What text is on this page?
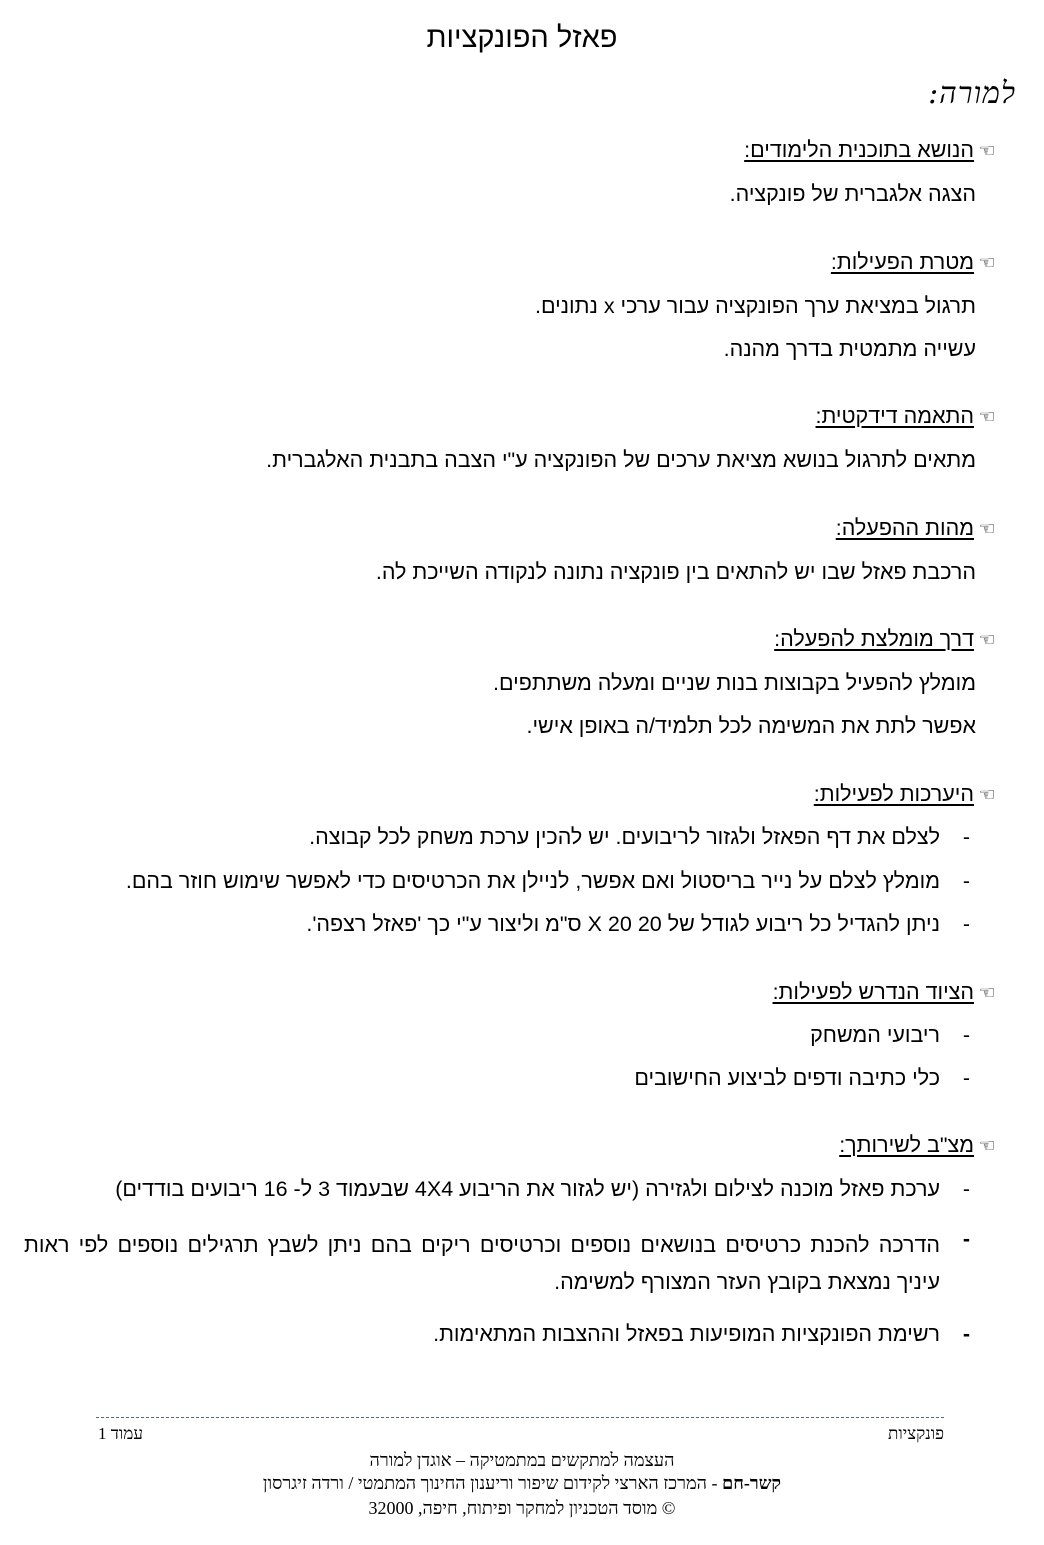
פאזל הפונקציות
למורה:
☜הנושא בתוכנית הלימודים:
הצגה אלגברית של פונקציה.
☜מטרת הפעילות:
תרגול במציאת ערך הפונקציה עבור ערכי x נתונים.
עשייה מתמטית בדרך מהנה.
☜התאמה דידקטית:
מתאים לתרגול בנושא מציאת ערכים של הפונקציה ע"י הצבה בתבנית האלגברית.
☜מהות ההפעלה:
הרכבת פאזל שבו יש להתאים בין פונקציה נתונה לנקודה השייכת לה.
☜דרך מומלצת להפעלה:
מומלץ להפעיל בקבוצות בנות שניים ומעלה משתתפים.
אפשר לתת את המשימה לכל תלמיד/ה באופן אישי.
☜היערכות לפעילות:
-
לצלם את דף הפאזל ולגזור לריבועים. יש להכין ערכת משחק לכל קבוצה.
-
מומלץ לצלם על נייר בריסטול ואם אפשר, לניילן את הכרטיסים כדי לאפשר שימוש חוזר בהם.
-
ניתן להגדיל כל ריבוע לגודל של 20 X 20 ס"מ וליצור ע"י כך 'פאזל רצפה'.
☜הציוד הנדרש לפעילות:
-
ריבועי המשחק
-
כלי כתיבה ודפים לביצוע החישובים
☜מצ"ב לשירותך:
-
ערכת פאזל מוכנה לצילום ולגזירה (יש לגזור את הריבוע 4X4 שבעמוד 3 ל- 16 ריבועים בודדים)
-
הדרכה להכנת כרטיסים בנושאים נוספים וכרטיסים ריקים בהם ניתן לשבץ תרגילים נוספים לפי ראות עיניך נמצאת בקובץ העזר המצורף למשימה.
-
רשימת הפונקציות המופיעות בפאזל וההצבות המתאימות.
עמוד 1	פונקציות
העצמה למתקשים במתמטיקה – אוגדן למורה
קשר-חם - המרכז הארצי לקידום שיפור וריענון החינוך המתמטי / ורדה זיגרסון
© מוסד הטכניון למחקר ופיתוח, חיפה, 32000
